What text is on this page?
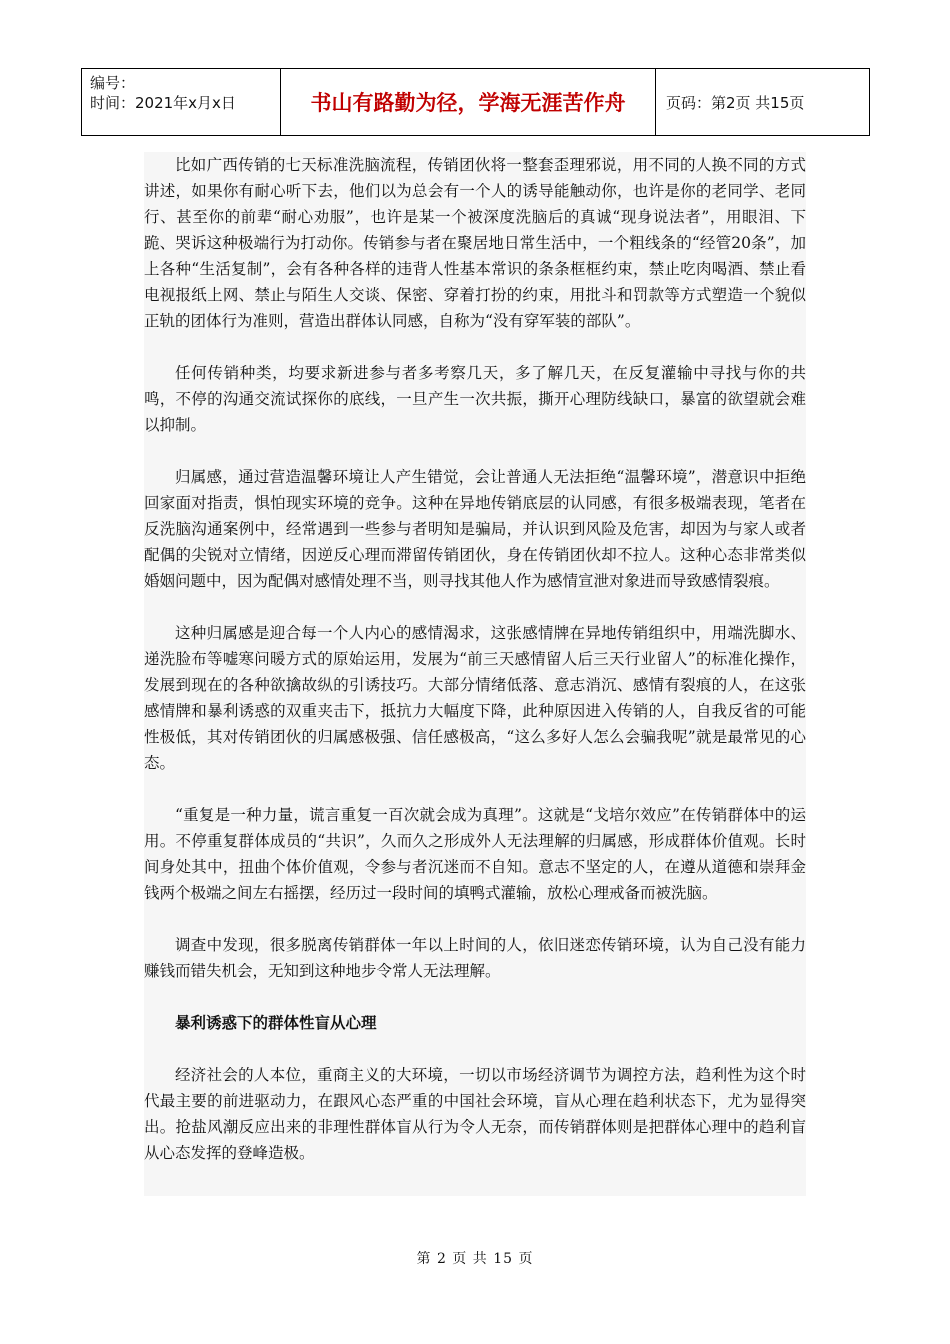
编号：
时间：2021年x月x日	书山有路勤为径，学海无涯苦作舟	页码：第2页 共15页

比如广西传销的七天标准洗脑流程，传销团伙将一整套歪理邪说，用不同的人换不同的方式讲述，如果你有耐心听下去，他们以为总会有一个人的诱导能触动你，也许是你的老同学、老同行、甚至你的前辈“耐心劝服”，也许是某一个被深度洗脑后的真诚“现身说法者”，用眼泪、下跪、哭诉这种极端行为打动你。传销参与者在聚居地日常生活中，一个粗线条的“经管20条”，加上各种“生活复制”，会有各种各样的违背人性基本常识的条条框框约束，禁止吃肉喝酒、禁止看电视报纸上网、禁止与陌生人交谈、保密、穿着打扮的约束，用批斗和罚款等方式塑造一个貌似正轨的团体行为准则，营造出群体认同感，自称为“没有穿军装的部队”。

任何传销种类，均要求新进参与者多考察几天，多了解几天，在反复灌输中寻找与你的共鸣，不停的沟通交流试探你的底线，一旦产生一次共振，撕开心理防线缺口，暴富的欲望就会难以抑制。

归属感，通过营造温馨环境让人产生错觉，会让普通人无法拒绝“温馨环境”，潜意识中拒绝回家面对指责，惧怕现实环境的竞争。这种在异地传销底层的认同感，有很多极端表现，笔者在反洗脑沟通案例中，经常遇到一些参与者明知是骗局，并认识到风险及危害，却因为与家人或者配偶的尖锐对立情绪，因逆反心理而滞留传销团伙，身在传销团伙却不拉人。这种心态非常类似婚姻问题中，因为配偶对感情处理不当，则寻找其他人作为感情宣泄对象进而导致感情裂痕。

这种归属感是迎合每一个人内心的感情渴求，这张感情牌在异地传销组织中，用端洗脚水、递洗脸布等嘘寒问暖方式的原始运用，发展为“前三天感情留人后三天行业留人”的标准化操作，发展到现在的各种欲擒故纵的引诱技巧。大部分情绪低落、意志消沉、感情有裂痕的人，在这张感情牌和暴利诱惑的双重夹击下，抵抗力大幅度下降，此种原因进入传销的人，自我反省的可能性极低，其对传销团伙的归属感极强、信任感极高，“这么多好人怎么会骗我呢”就是最常见的心态。

“重复是一种力量，谎言重复一百次就会成为真理”。这就是“戈培尔效应”在传销群体中的运用。不停重复群体成员的“共识”，久而久之形成外人无法理解的归属感，形成群体价值观。长时间身处其中，扭曲个体价值观，令参与者沉迷而不自知。意志不坚定的人，在遵从道德和崇拜金钱两个极端之间左右摇摆，经历过一段时间的填鸭式灌输，放松心理戒备而被洗脑。

调查中发现，很多脱离传销群体一年以上时间的人，依旧迷恋传销环境，认为自己没有能力赚钱而错失机会，无知到这种地步令常人无法理解。

暴利诱惑下的群体性盲从心理

经济社会的人本位，重商主义的大环境，一切以市场经济调节为调控方法，趋利性为这个时代最主要的前进驱动力，在跟风心态严重的中国社会环境，盲从心理在趋利状态下，尤为显得突出。抢盐风潮反应出来的非理性群体盲从行为令人无奈，而传销群体则是把群体心理中的趋利盲从心态发挥的登峰造极。

第 2 页 共 15 页
